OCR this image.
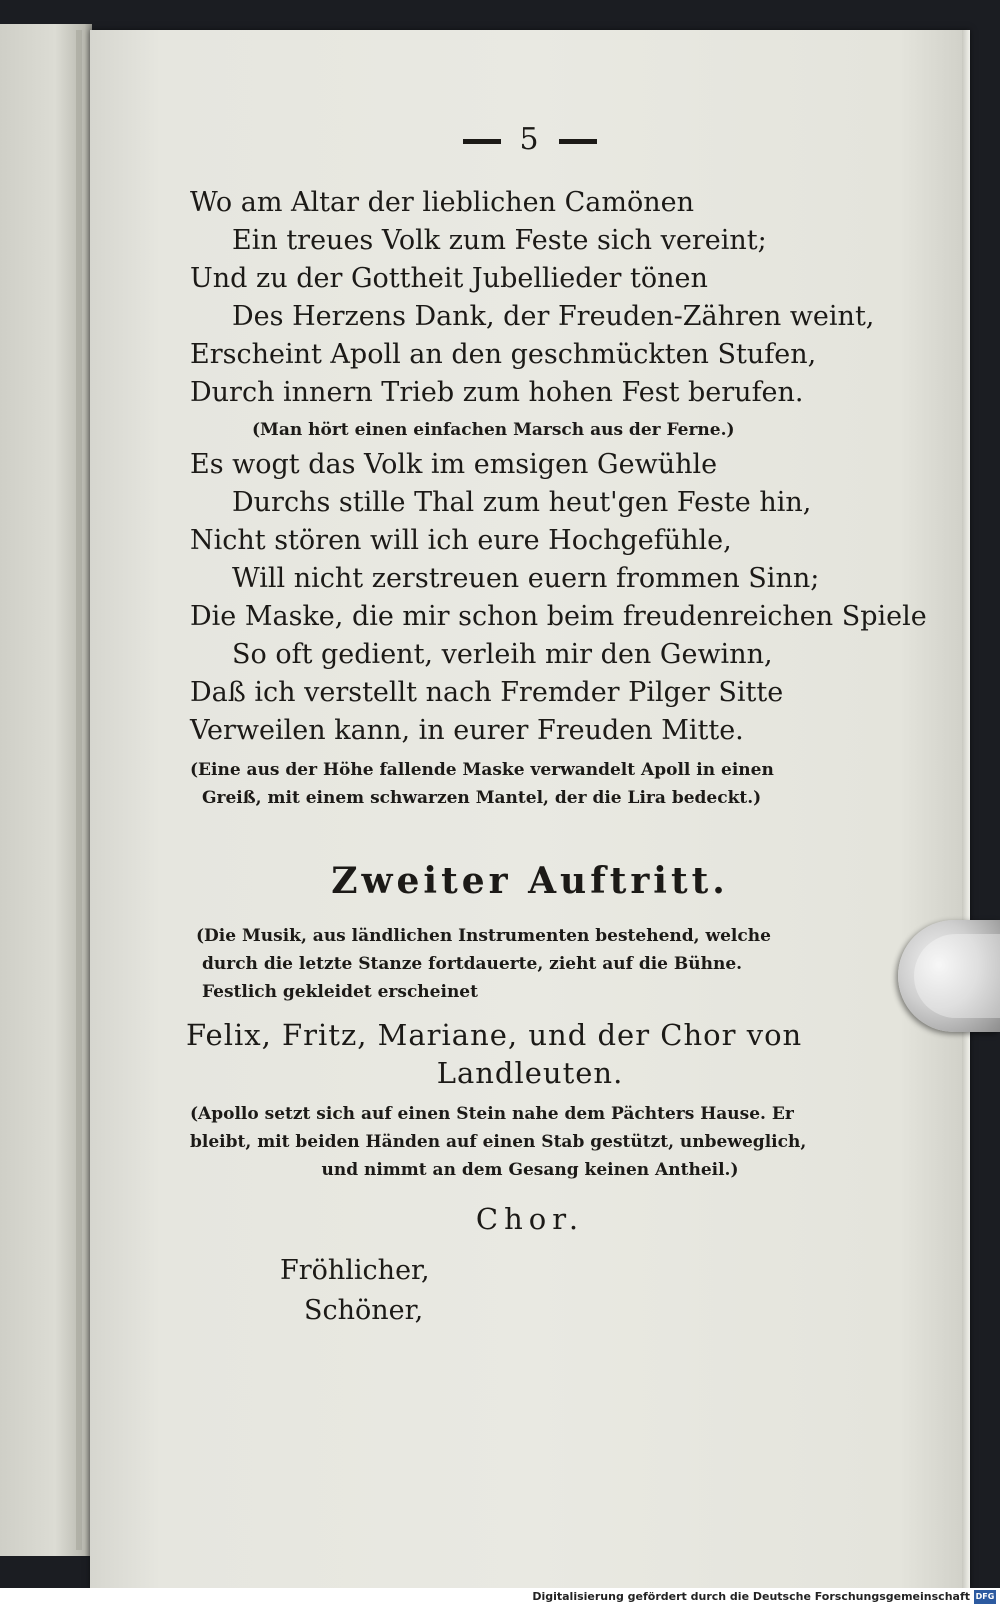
5
Wo am Altar der lieblichen Camönen
Ein treues Volk zum Feste sich vereint;
Und zu der Gottheit Jubellieder tönen
Des Herzens Dank, der Freuden-Zähren weint,
Erscheint Apoll an den geschmückten Stufen,
Durch innern Trieb zum hohen Fest berufen.
(Man hört einen einfachen Marsch aus der Ferne.)
Es wogt das Volk im emsigen Gewühle
Durchs stille Thal zum heut'gen Feste hin,
Nicht stören will ich eure Hochgefühle,
Will nicht zerstreuen euern frommen Sinn;
Die Maske, die mir schon beim freudenreichen Spiele
So oft gedient, verleih mir den Gewinn,
Daß ich verstellt nach Fremder Pilger Sitte
Verweilen kann, in eurer Freuden Mitte.
(Eine aus der Höhe fallende Maske verwandelt Apoll in einen
Greiß, mit einem schwarzen Mantel, der die Lira bedeckt.)
Zweiter Auftritt.
(Die Musik, aus ländlichen Instrumenten bestehend, welche
durch die letzte Stanze fortdauerte, zieht auf die Bühne.
Festlich gekleidet erscheinet
Felix, Fritz, Mariane, und der Chor von
Landleuten.
(Apollo setzt sich auf einen Stein nahe dem Pächters Hause. Er
bleibt, mit beiden Händen auf einen Stab gestützt, unbeweglich,
und nimmt an dem Gesang keinen Antheil.)
Chor.
Fröhlicher,
Schöner,
Digitalisierung gefördert durch die Deutsche Forschungsgemeinschaft DFG
